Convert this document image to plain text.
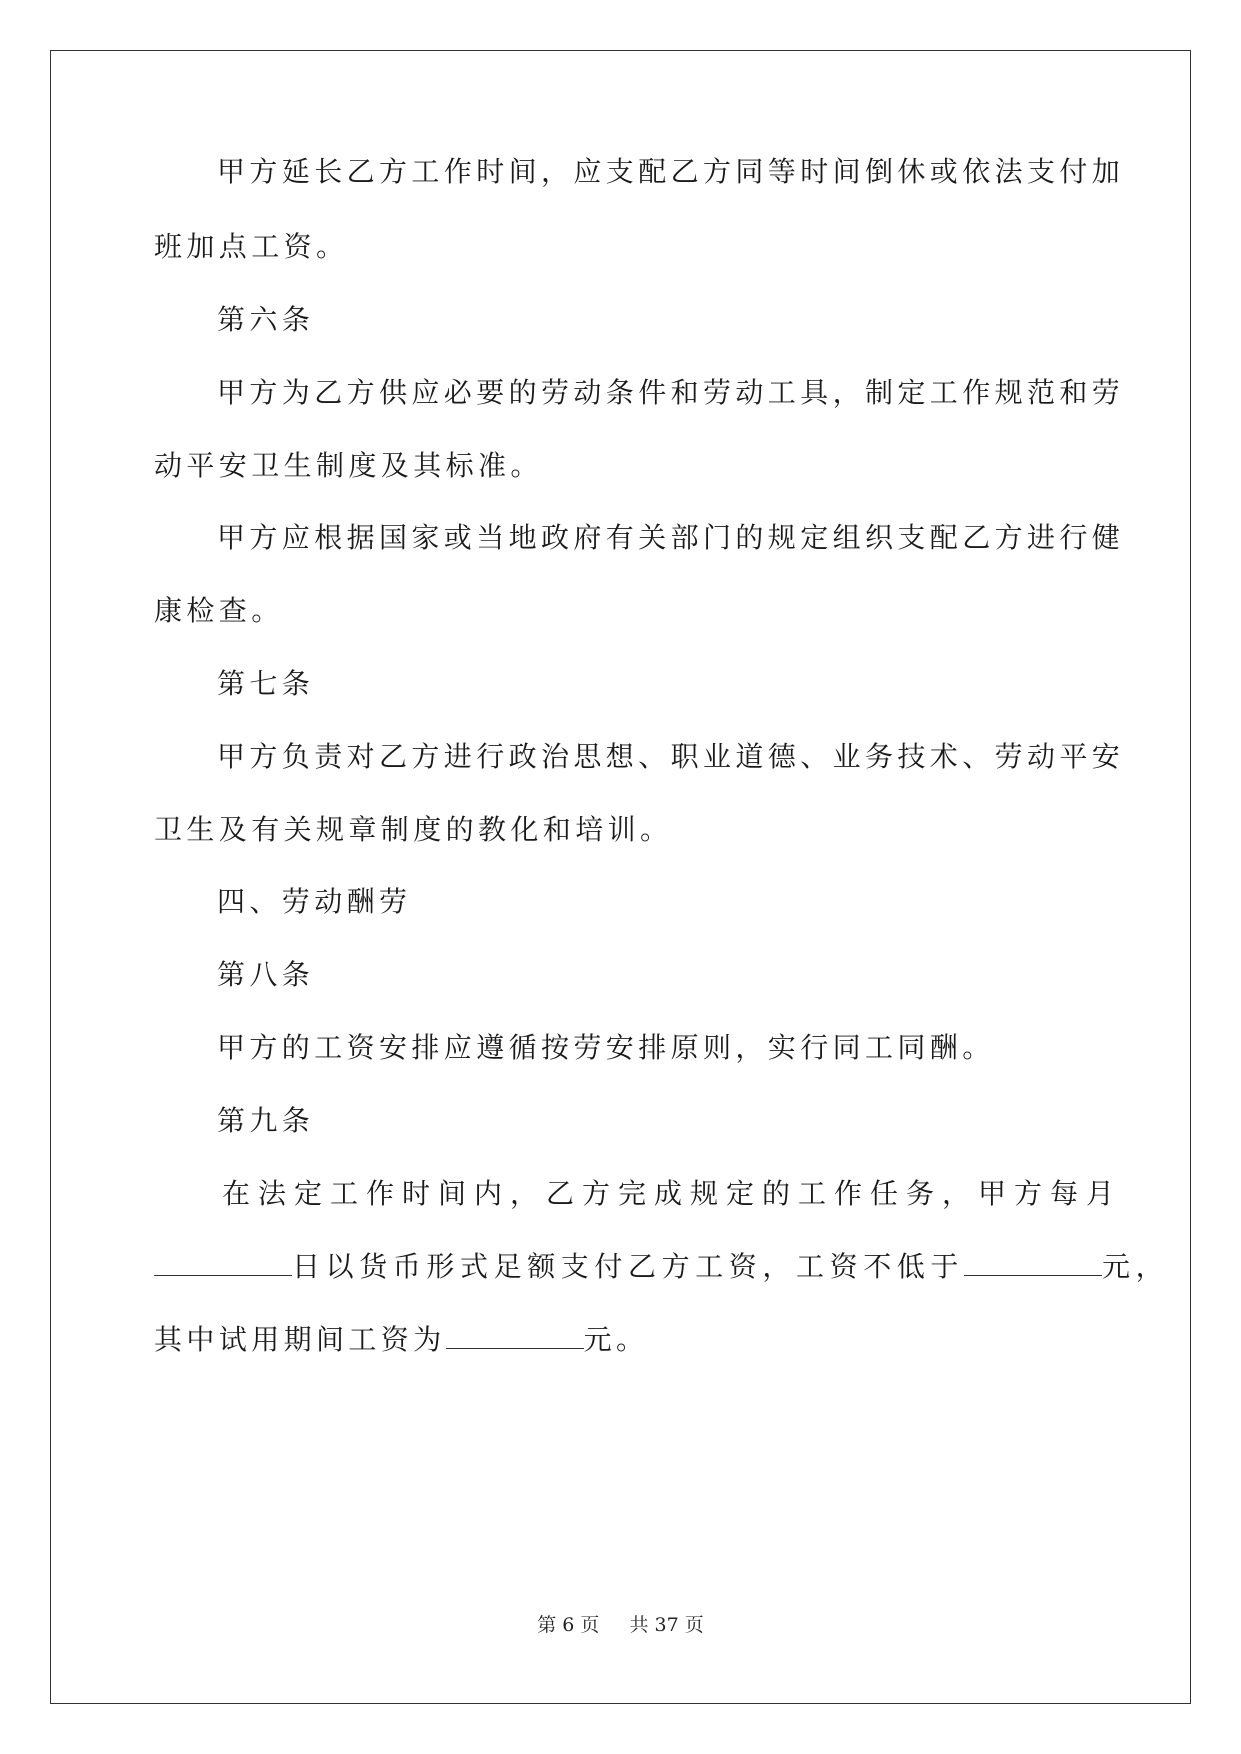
甲方延长乙方工作时间，应支配乙方同等时间倒休或依法支付加
班加点工资。
第六条
甲方为乙方供应必要的劳动条件和劳动工具，制定工作规范和劳
动平安卫生制度及其标准。
甲方应根据国家或当地政府有关部门的规定组织支配乙方进行健
康检查。
第七条
甲方负责对乙方进行政治思想、职业道德、业务技术、劳动平安
卫生及有关规章制度的教化和培训。
四、劳动酬劳
第八条
甲方的工资安排应遵循按劳安排原则，实行同工同酬。
第九条
在法定工作时间内，乙方完成规定的工作任务，甲方每月
日以货币形式足额支付乙方工资，工资不低于	元，
其中试用期间工资为	元。
第 6 页 共 37 页
